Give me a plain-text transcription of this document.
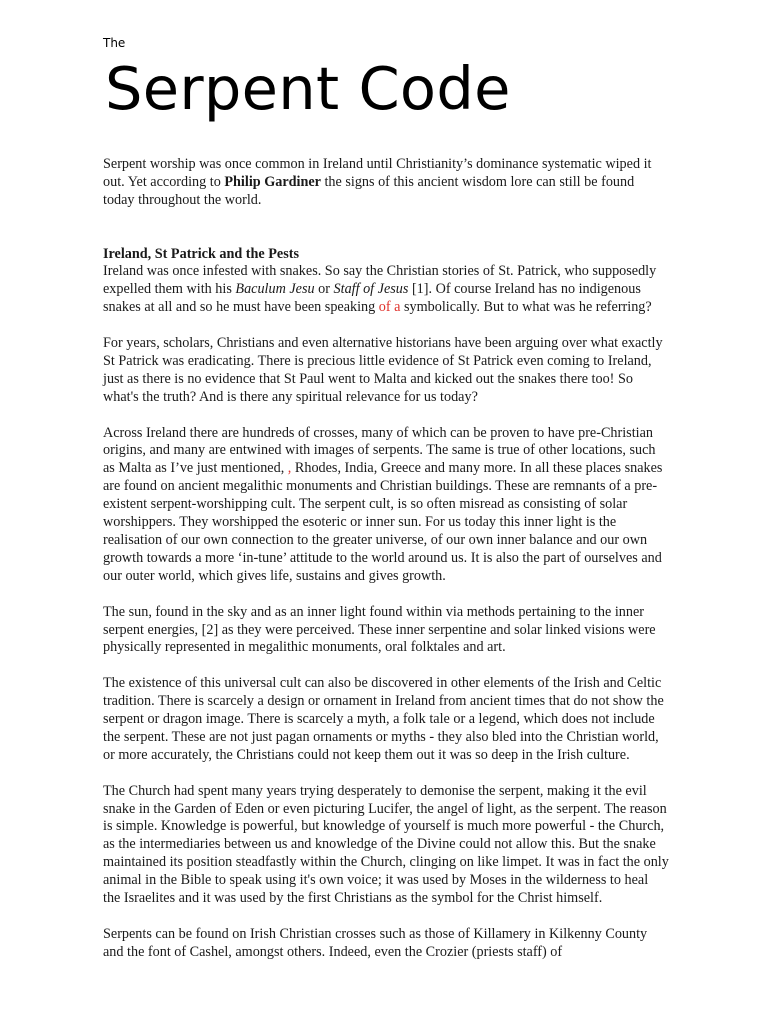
The
Serpent Code

Serpent worship was once common in Ireland until Christianity’s dominance systematic wiped it out. Yet according to Philip Gardiner the signs of this ancient wisdom lore can still be found today throughout the world.

Ireland, St Patrick and the Pests
Ireland was once infested with snakes. So say the Christian stories of St. Patrick, who supposedly expelled them with his Baculum Jesu or Staff of Jesus [1]. Of course Ireland has no indigenous snakes at all and so he must have been speaking of a symbolically. But to what was he referring?

For years, scholars, Christians and even alternative historians have been arguing over what exactly St Patrick was eradicating. There is precious little evidence of St Patrick even coming to Ireland, just as there is no evidence that St Paul went to Malta and kicked out the snakes there too! So what's the truth? And is there any spiritual relevance for us today?

Across Ireland there are hundreds of crosses, many of which can be proven to have pre-Christian origins, and many are entwined with images of serpents. The same is true of other locations, such as Malta as I’ve just mentioned, , Rhodes, India, Greece and many more. In all these places snakes are found on ancient megalithic monuments and Christian buildings. These are remnants of a pre-existent serpent-worshipping cult. The serpent cult, is so often misread as consisting of solar worshippers. They worshipped the esoteric or inner sun. For us today this inner light is the realisation of our own connection to the greater universe, of our own inner balance and our own growth towards a more ‘in-tune’ attitude to the world around us. It is also the part of ourselves and our outer world, which gives life, sustains and gives growth.

The sun, found in the sky and as an inner light found within via methods pertaining to the inner serpent energies, [2] as they were perceived. These inner serpentine and solar linked visions were physically represented in megalithic monuments, oral folktales and art.

The existence of this universal cult can also be discovered in other elements of the Irish and Celtic tradition. There is scarcely a design or ornament in Ireland from ancient times that do not show the serpent or dragon image. There is scarcely a myth, a folk tale or a legend, which does not include the serpent. These are not just pagan ornaments or myths - they also bled into the Christian world, or more accurately, the Christians could not keep them out it was so deep in the Irish culture.

The Church had spent many years trying desperately to demonise the serpent, making it the evil snake in the Garden of Eden or even picturing Lucifer, the angel of light, as the serpent. The reason is simple. Knowledge is powerful, but knowledge of yourself is much more powerful - the Church, as the intermediaries between us and knowledge of the Divine could not allow this. But the snake maintained its position steadfastly within the Church, clinging on like limpet. It was in fact the only animal in the Bible to speak using it's own voice; it was used by Moses in the wilderness to heal the Israelites and it was used by the first Christians as the symbol for the Christ himself.

Serpents can be found on Irish Christian crosses such as those of Killamery in Kilkenny County and the font of Cashel, amongst others. Indeed, even the Crozier (priests staff) of
